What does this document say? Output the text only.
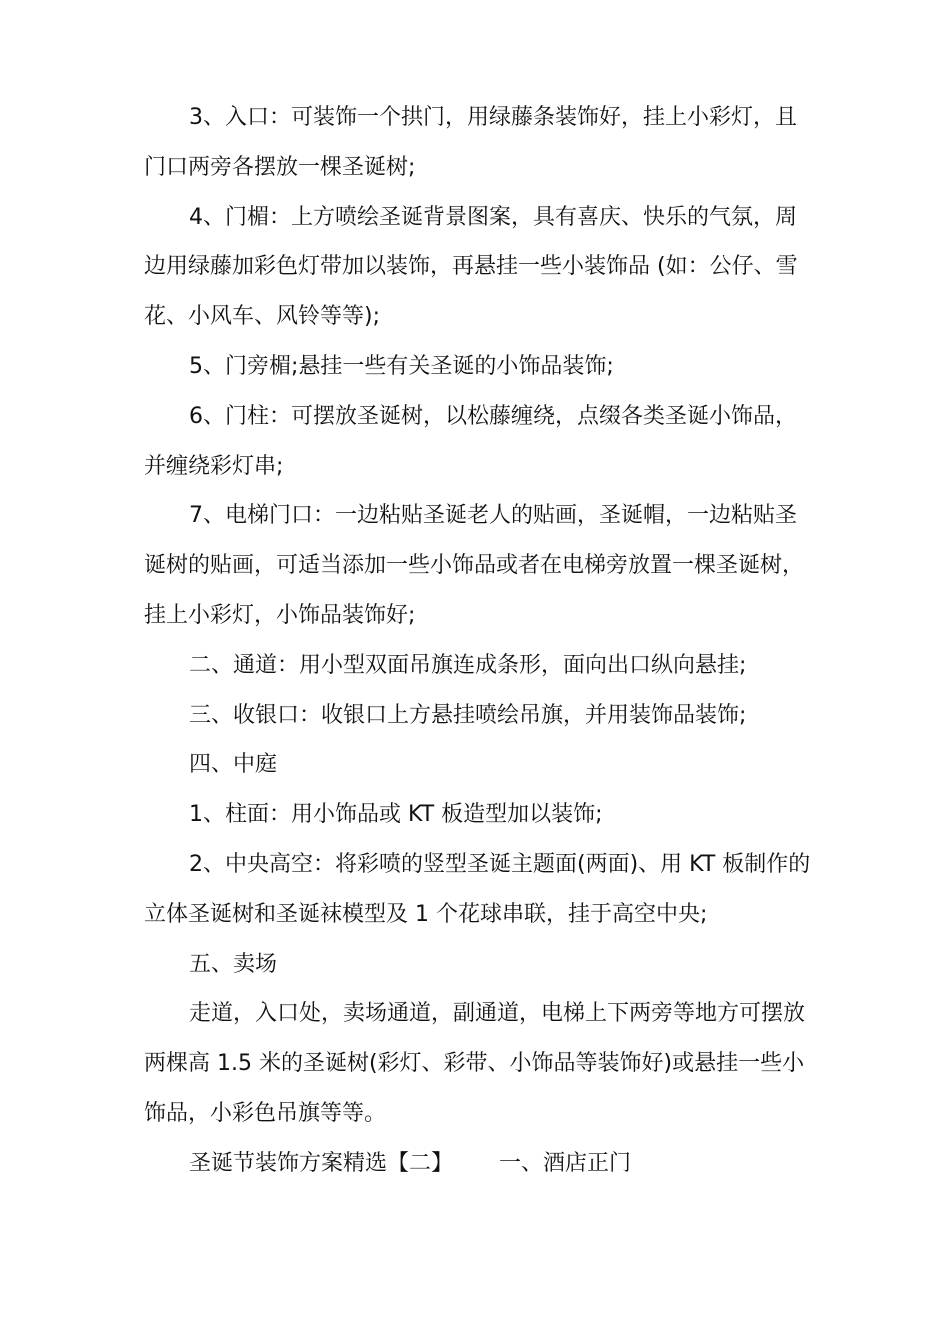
3、入口：可装饰一个拱门，用绿藤条装饰好，挂上小彩灯，且
门口两旁各摆放一棵圣诞树;

4、门楣：上方喷绘圣诞背景图案，具有喜庆、快乐的气氛，周
边用绿藤加彩色灯带加以装饰，再悬挂一些小装饰品 (如：公仔、雪
花、小风车、风铃等等);

5、门旁楣;悬挂一些有关圣诞的小饰品装饰;

6、门柱：可摆放圣诞树，以松藤缠绕，点缀各类圣诞小饰品，
并缠绕彩灯串;

7、电梯门口：一边粘贴圣诞老人的贴画，圣诞帽，一边粘贴圣
诞树的贴画，可适当添加一些小饰品或者在电梯旁放置一棵圣诞树，
挂上小彩灯，小饰品装饰好;

二、通道：用小型双面吊旗连成条形，面向出口纵向悬挂;

三、收银口：收银口上方悬挂喷绘吊旗，并用装饰品装饰;

四、中庭

1、柱面：用小饰品或 KT 板造型加以装饰;

2、中央高空：将彩喷的竖型圣诞主题面(两面)、用 KT 板制作的
立体圣诞树和圣诞袜模型及 1 个花球串联，挂于高空中央;

五、卖场

走道，入口处，卖场通道，副通道，电梯上下两旁等地方可摆放
两棵高 1.5 米的圣诞树(彩灯、彩带、小饰品等装饰好)或悬挂一些小
饰品，小彩色吊旗等等。

圣诞节装饰方案精选【二】 一、酒店正门
